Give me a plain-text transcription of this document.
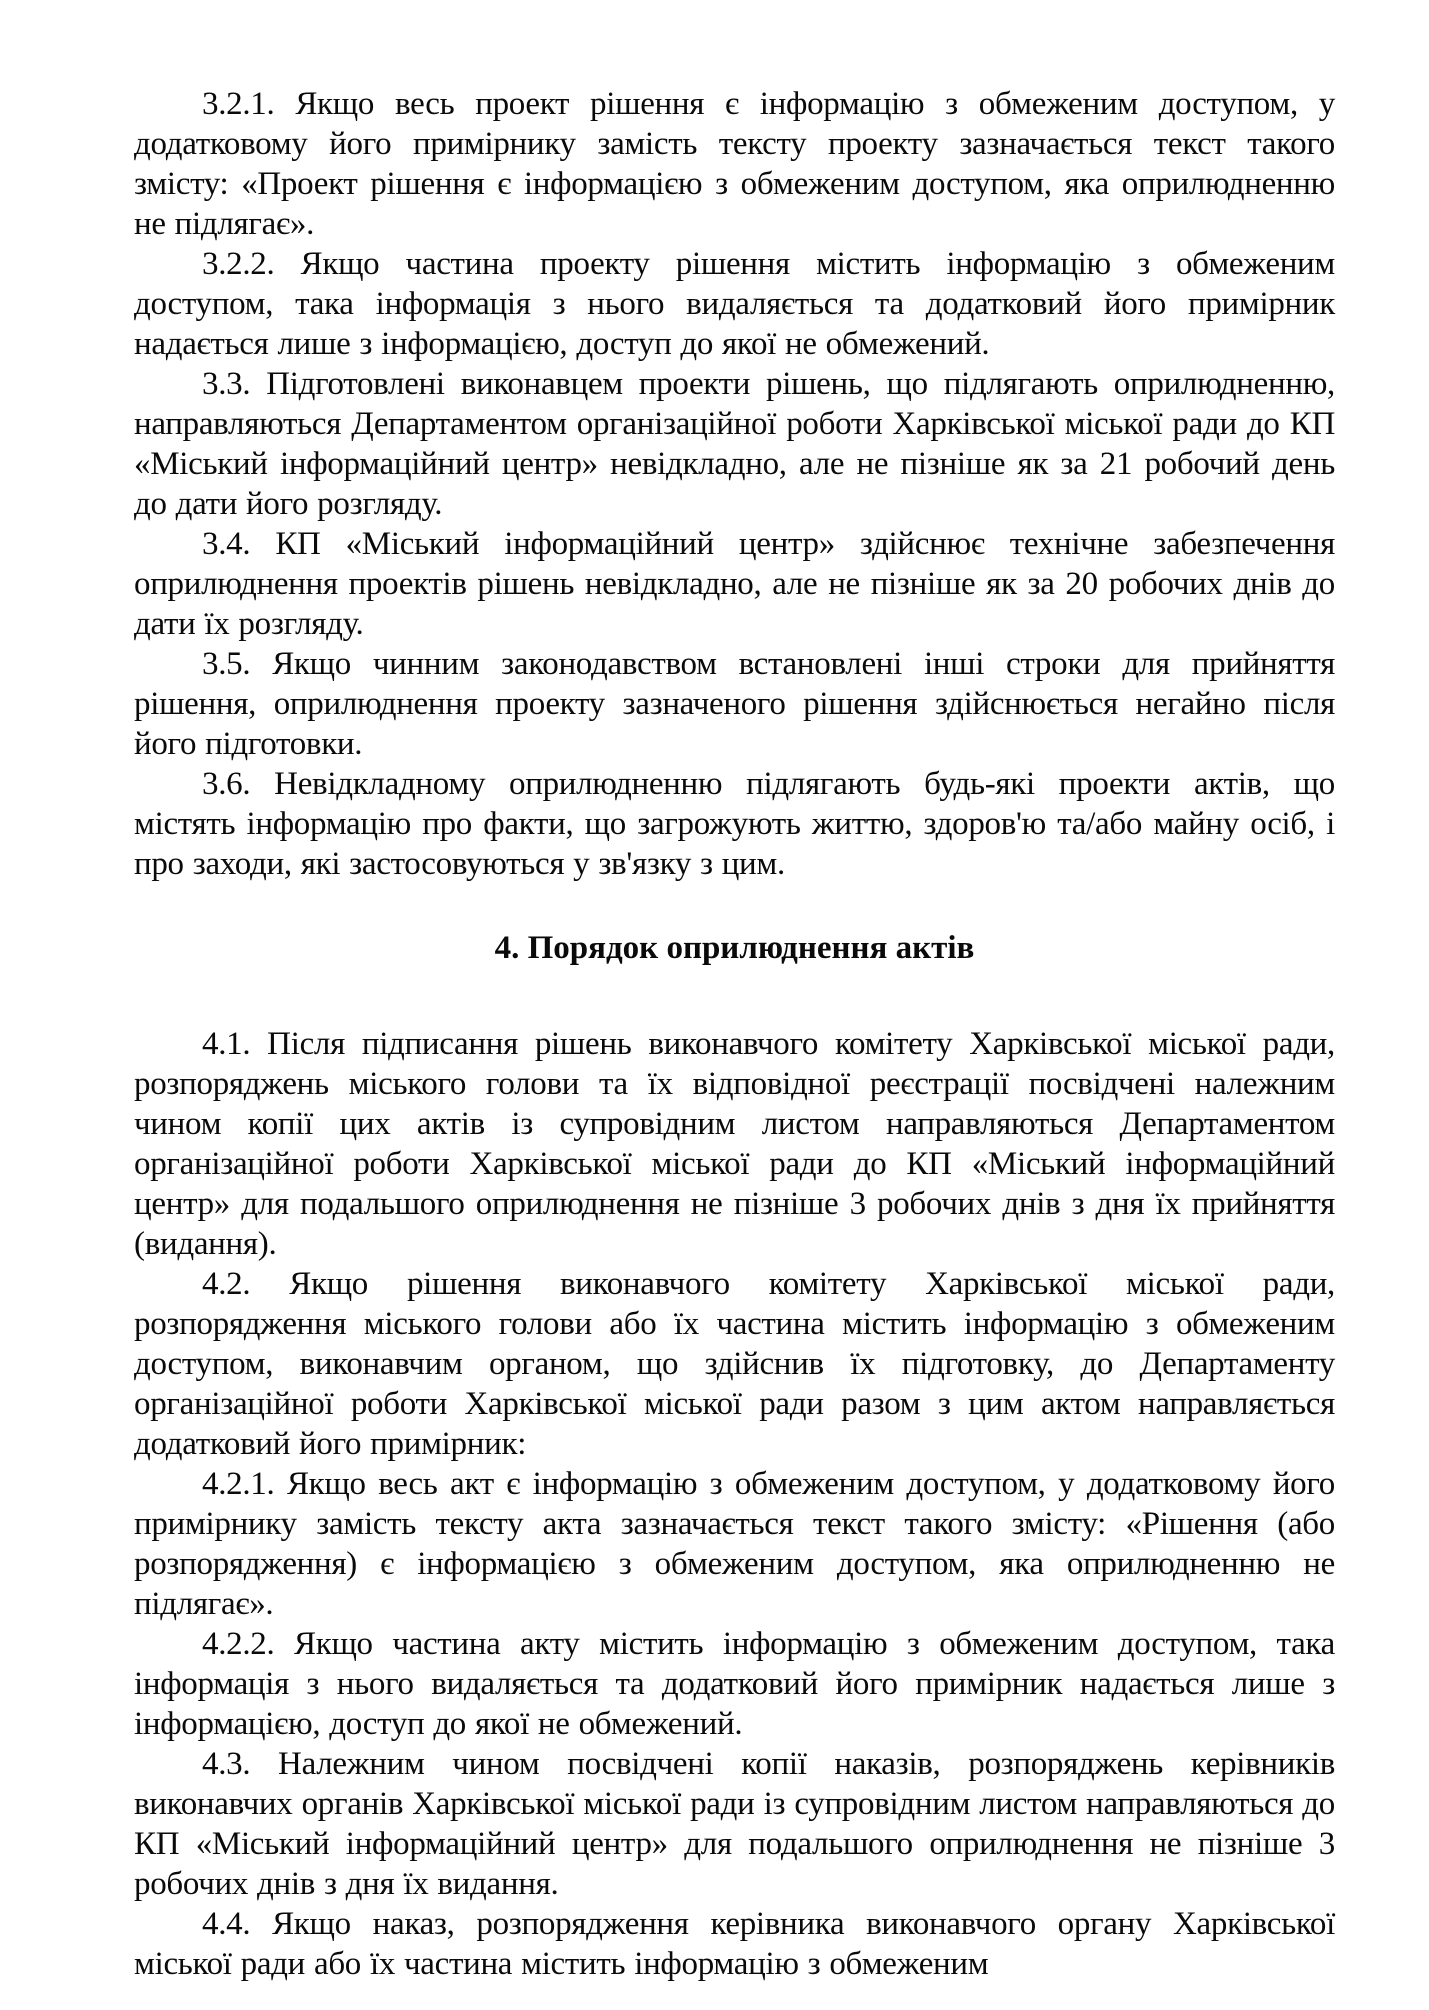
3.2.1. Якщо весь проект рішення є інформацію з обмеженим доступом, у додатковому його примірнику замість тексту проекту зазначається текст такого змісту: «Проект рішення є інформацією з обмеженим доступом, яка оприлюдненню не підлягає».

3.2.2. Якщо частина проекту рішення містить інформацію з обмеженим доступом, така інформація з нього видаляється та додатковий його примірник надається лише з інформацією, доступ до якої не обмежений.

3.3. Підготовлені виконавцем проекти рішень, що підлягають оприлюдненню, направляються Департаментом організаційної роботи Харківської міської ради до КП «Міський інформаційний центр» невідкладно, але не пізніше як за 21 робочий день до дати його розгляду.

3.4. КП «Міський інформаційний центр» здійснює технічне забезпечення оприлюднення проектів рішень невідкладно, але не пізніше як за 20 робочих днів до дати їх розгляду.

3.5. Якщо чинним законодавством встановлені інші строки для прийняття рішення, оприлюднення проекту зазначеного рішення здійснюється негайно після його підготовки.

3.6. Невідкладному оприлюдненню підлягають будь-які проекти актів, що містять інформацію про факти, що загрожують життю, здоров'ю та/або майну осіб, і про заходи, які застосовуються у зв'язку з цим.

4. Порядок оприлюднення актів

4.1. Після підписання рішень виконавчого комітету Харківської міської ради, розпоряджень міського голови та їх відповідної реєстрації посвідчені належним чином копії цих актів із супровідним листом направляються Департаментом організаційної роботи Харківської міської ради до КП «Міський інформаційний центр» для подальшого оприлюднення не пізніше 3 робочих днів з дня їх прийняття (видання).

4.2. Якщо рішення виконавчого комітету Харківської міської ради, розпорядження міського голови або їх частина містить інформацію з обмеженим доступом, виконавчим органом, що здійснив їх підготовку, до Департаменту організаційної роботи Харківської міської ради разом з цим актом направляється додатковий його примірник:

4.2.1. Якщо весь акт є інформацію з обмеженим доступом, у додатковому його примірнику замість тексту акта зазначається текст такого змісту: «Рішення (або розпорядження) є інформацією з обмеженим доступом, яка оприлюдненню не підлягає».

4.2.2. Якщо частина акту містить інформацію з обмеженим доступом, така інформація з нього видаляється та додатковий його примірник надається лише з інформацією, доступ до якої не обмежений.

4.3. Належним чином посвідчені копії наказів, розпоряджень керівників виконавчих органів Харківської міської ради із супровідним листом направляються до КП «Міський інформаційний центр» для подальшого оприлюднення не пізніше 3 робочих днів з дня їх видання.

4.4. Якщо наказ, розпорядження керівника виконавчого органу Харківської міської ради або їх частина містить інформацію з обмеженим
